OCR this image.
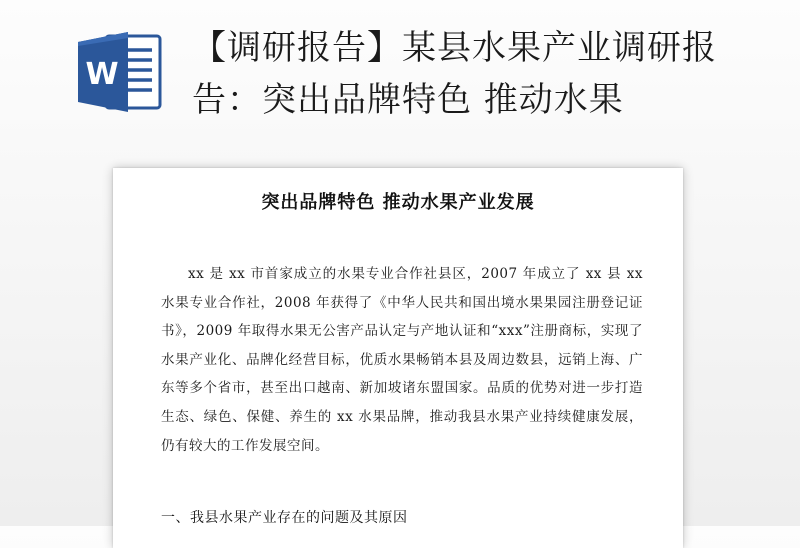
W
【调研报告】某县水果产业调研报告：突出品牌特色 推动水果
突出品牌特色 推动水果产业发展

xx 是 xx 市首家成立的水果专业合作社县区，2007 年成立了 xx 县 xx 水果专业合作社，2008 年获得了《中华人民共和国出境水果果园注册登记证书》，2009 年取得水果无公害产品认定与产地认证和“xxx”注册商标，实现了水果产业化、品牌化经营目标，优质水果畅销本县及周边数县，远销上海、广东等多个省市，甚至出口越南、新加坡诸东盟国家。品质的优势对进一步打造生态、绿色、保健、养生的 xx 水果品牌，推动我县水果产业持续健康发展，仍有较大的工作发展空间。

一、我县水果产业存在的问题及其原因
